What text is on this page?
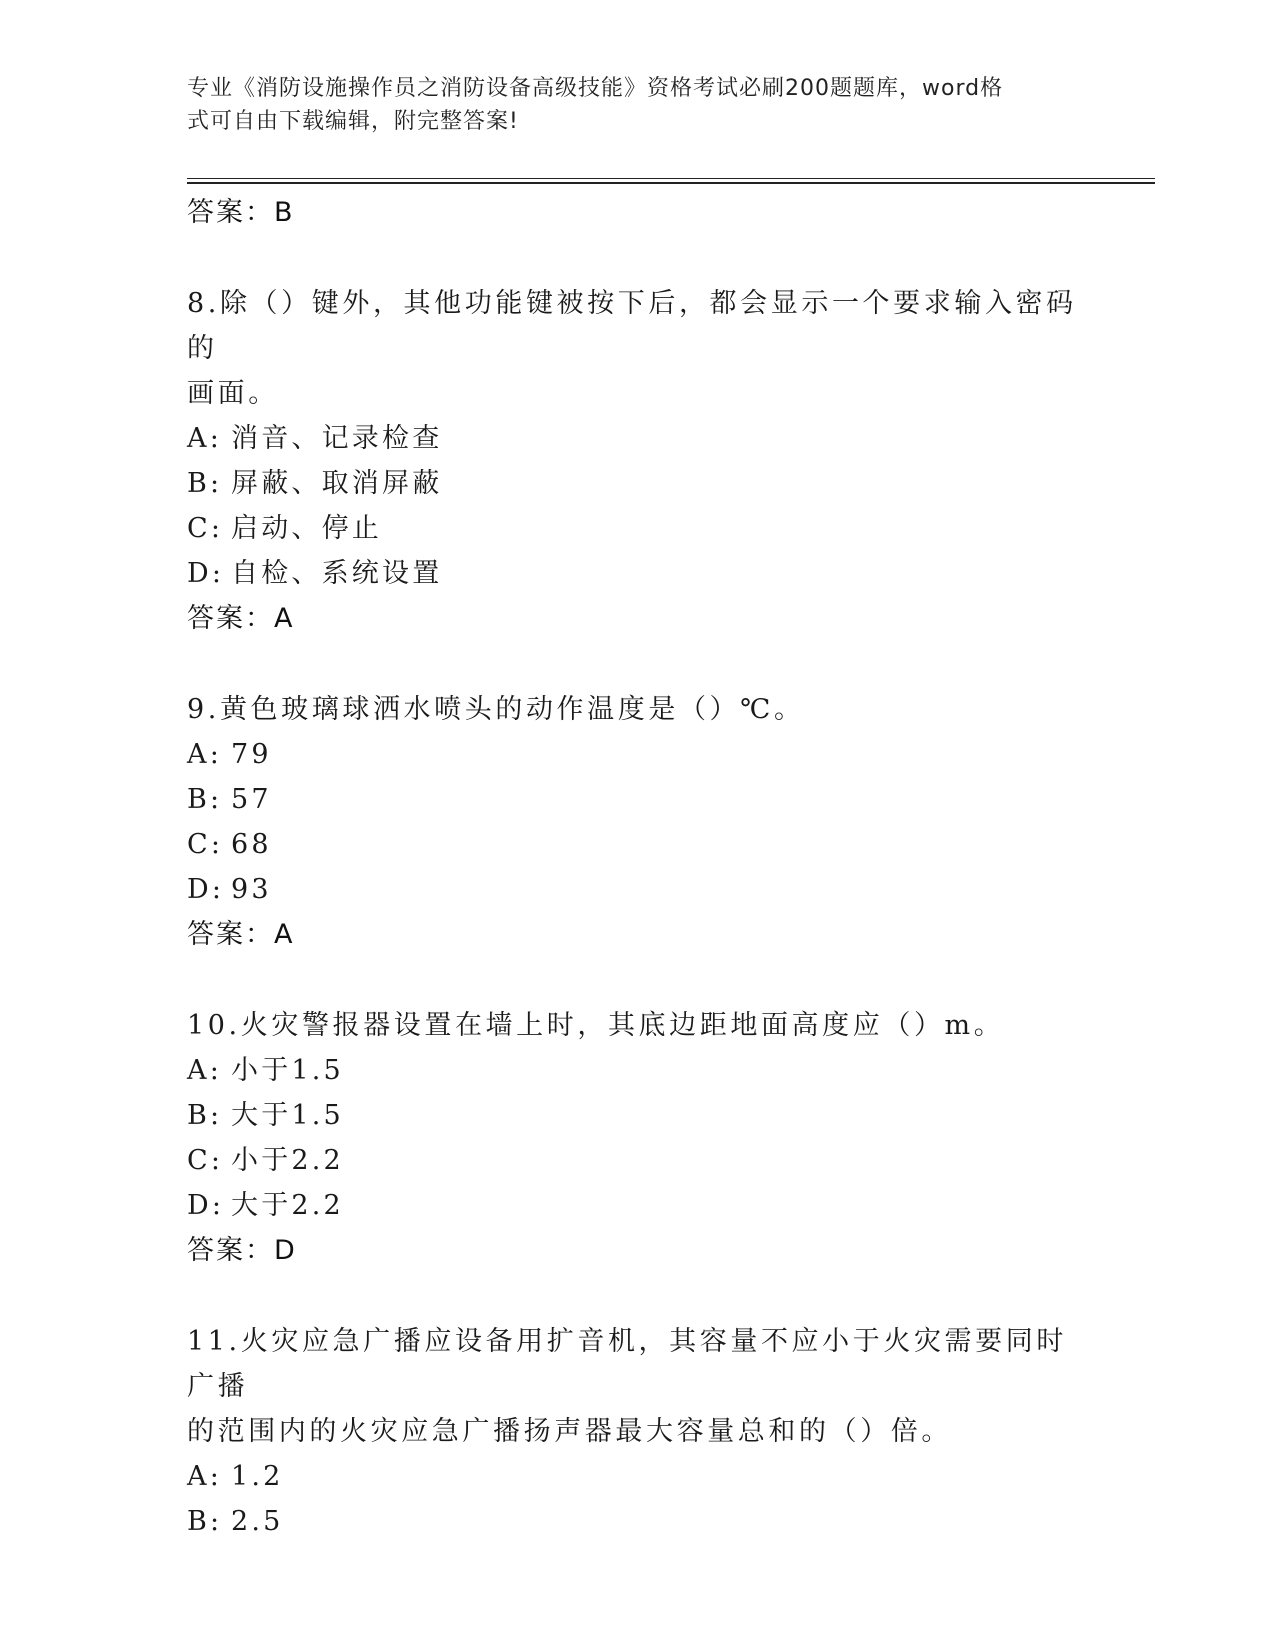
专业《消防设施操作员之消防设备高级技能》资格考试必刷200题题库，word格
式可自由下载编辑，附完整答案!
答案：B
8.除（）键外，其他功能键被按下后，都会显示一个要求输入密码的
画面。
A: 消音、记录检查
B: 屏蔽、取消屏蔽
C: 启动、停止
D: 自检、系统设置
答案：A
9.黄色玻璃球洒水喷头的动作温度是（）℃。
A: 79
B: 57
C: 68
D: 93
答案：A
10.火灾警报器设置在墙上时，其底边距地面高度应（）m。
A: 小于1.5
B: 大于1.5
C: 小于2.2
D: 大于2.2
答案：D
11.火灾应急广播应设备用扩音机，其容量不应小于火灾需要同时广播
的范围内的火灾应急广播扬声器最大容量总和的（）倍。
A: 1.2
B: 2.5
